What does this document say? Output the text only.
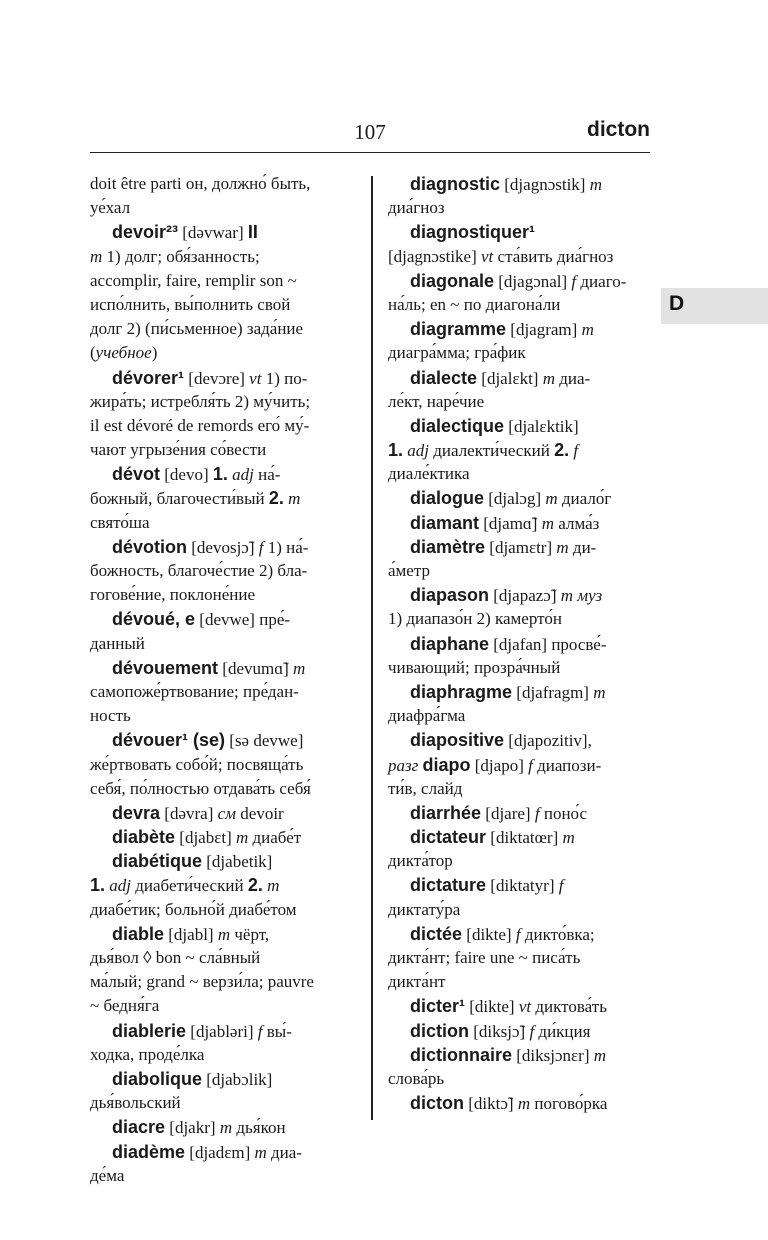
107	dicton
doit être parti он, должно́ быть,
уе́хал
devoir²³ [dəvwar] II
m 1) долг; обя́занность;
accomplir, faire, remplir son ~
испо́лнить, вы́полнить свой
долг 2) (пи́сьменное) зада́ние
(учебное)
dévorer¹ [devɔre] vt 1) по-
жира́ть; истребля́ть 2) му́чить;
il est dévoré de remords его́ му́-
чают угрызе́ния со́вести
dévot [devo] 1. adj на́-
божный, благочести́вый 2. m
свято́ша
dévotion [devosjɔ̃] f 1) на́-
божность, благоче́стие 2) бла-
гогове́ние, поклоне́ние
dévoué, e [devwe] пре́-
данный
dévouement [devumɑ̃] m
самопоже́ртвование; пре́дан-
ность
dévouer¹ (se) [sə devwe]
же́ртвовать собо́й; посвяща́ть
себя́, по́лностью отдава́ть себя́
devra [dəvra] см devoir
diabète [djabɛt] m диабе́т
diabétique [djabetik]
1. adj диабети́ческий 2. m
диабе́тик; больно́й диабе́том
diable [djabl] m чёрт,
дья́вол ◊ bon ~ сла́вный
ма́лый; grand ~ верзи́ла; pauvre
~ бедня́га
diablerie [djabləri] f вы́-
ходка, проде́лка
diabolique [djabɔlik]
дья́вольский
diacre [djakr] m дья́кон
diadème [djadɛm] m диа-
де́ма
diagnostic [djagnɔstik] m
диа́гноз
diagnostiquer¹
[djagnɔstike] vt ста́вить диа́гноз
diagonale [djagɔnal] f диаго-
на́ль; en ~ по диагона́ли
diagramme [djagram] m
диагра́мма; гра́фик
dialecte [djalɛkt] m диа-
ле́кт, наре́чие
dialectique [djalɛktik]
1. adj диалекти́ческий 2. f
диале́ктика
dialogue [djalɔg] m диало́г
diamant [djamɑ̃] m алма́з
diamètre [djamɛtr] m ди-
а́метр
diapason [djapazɔ̃] m муз
1) диапазо́н 2) камерто́н
diaphane [djafan] просве́-
чивающий; прозра́чный
diaphragme [djafragm] m
диафра́гма
diapositive [djapozitiv],
разг diapo [djapo] f диапози-
ти́в, слайд
diarrhée [djare] f поно́с
dictateur [diktatœr] m
дикта́тор
dictature [diktatyr] f
диктату́ра
dictée [dikte] f дикто́вка;
дикта́нт; faire une ~ писа́ть
дикта́нт
dicter¹ [dikte] vt диктова́ть
diction [diksjɔ̃] f ди́кция
dictionnaire [diksjɔnɛr] m
слова́рь
dicton [diktɔ̃] m погово́рка
D
